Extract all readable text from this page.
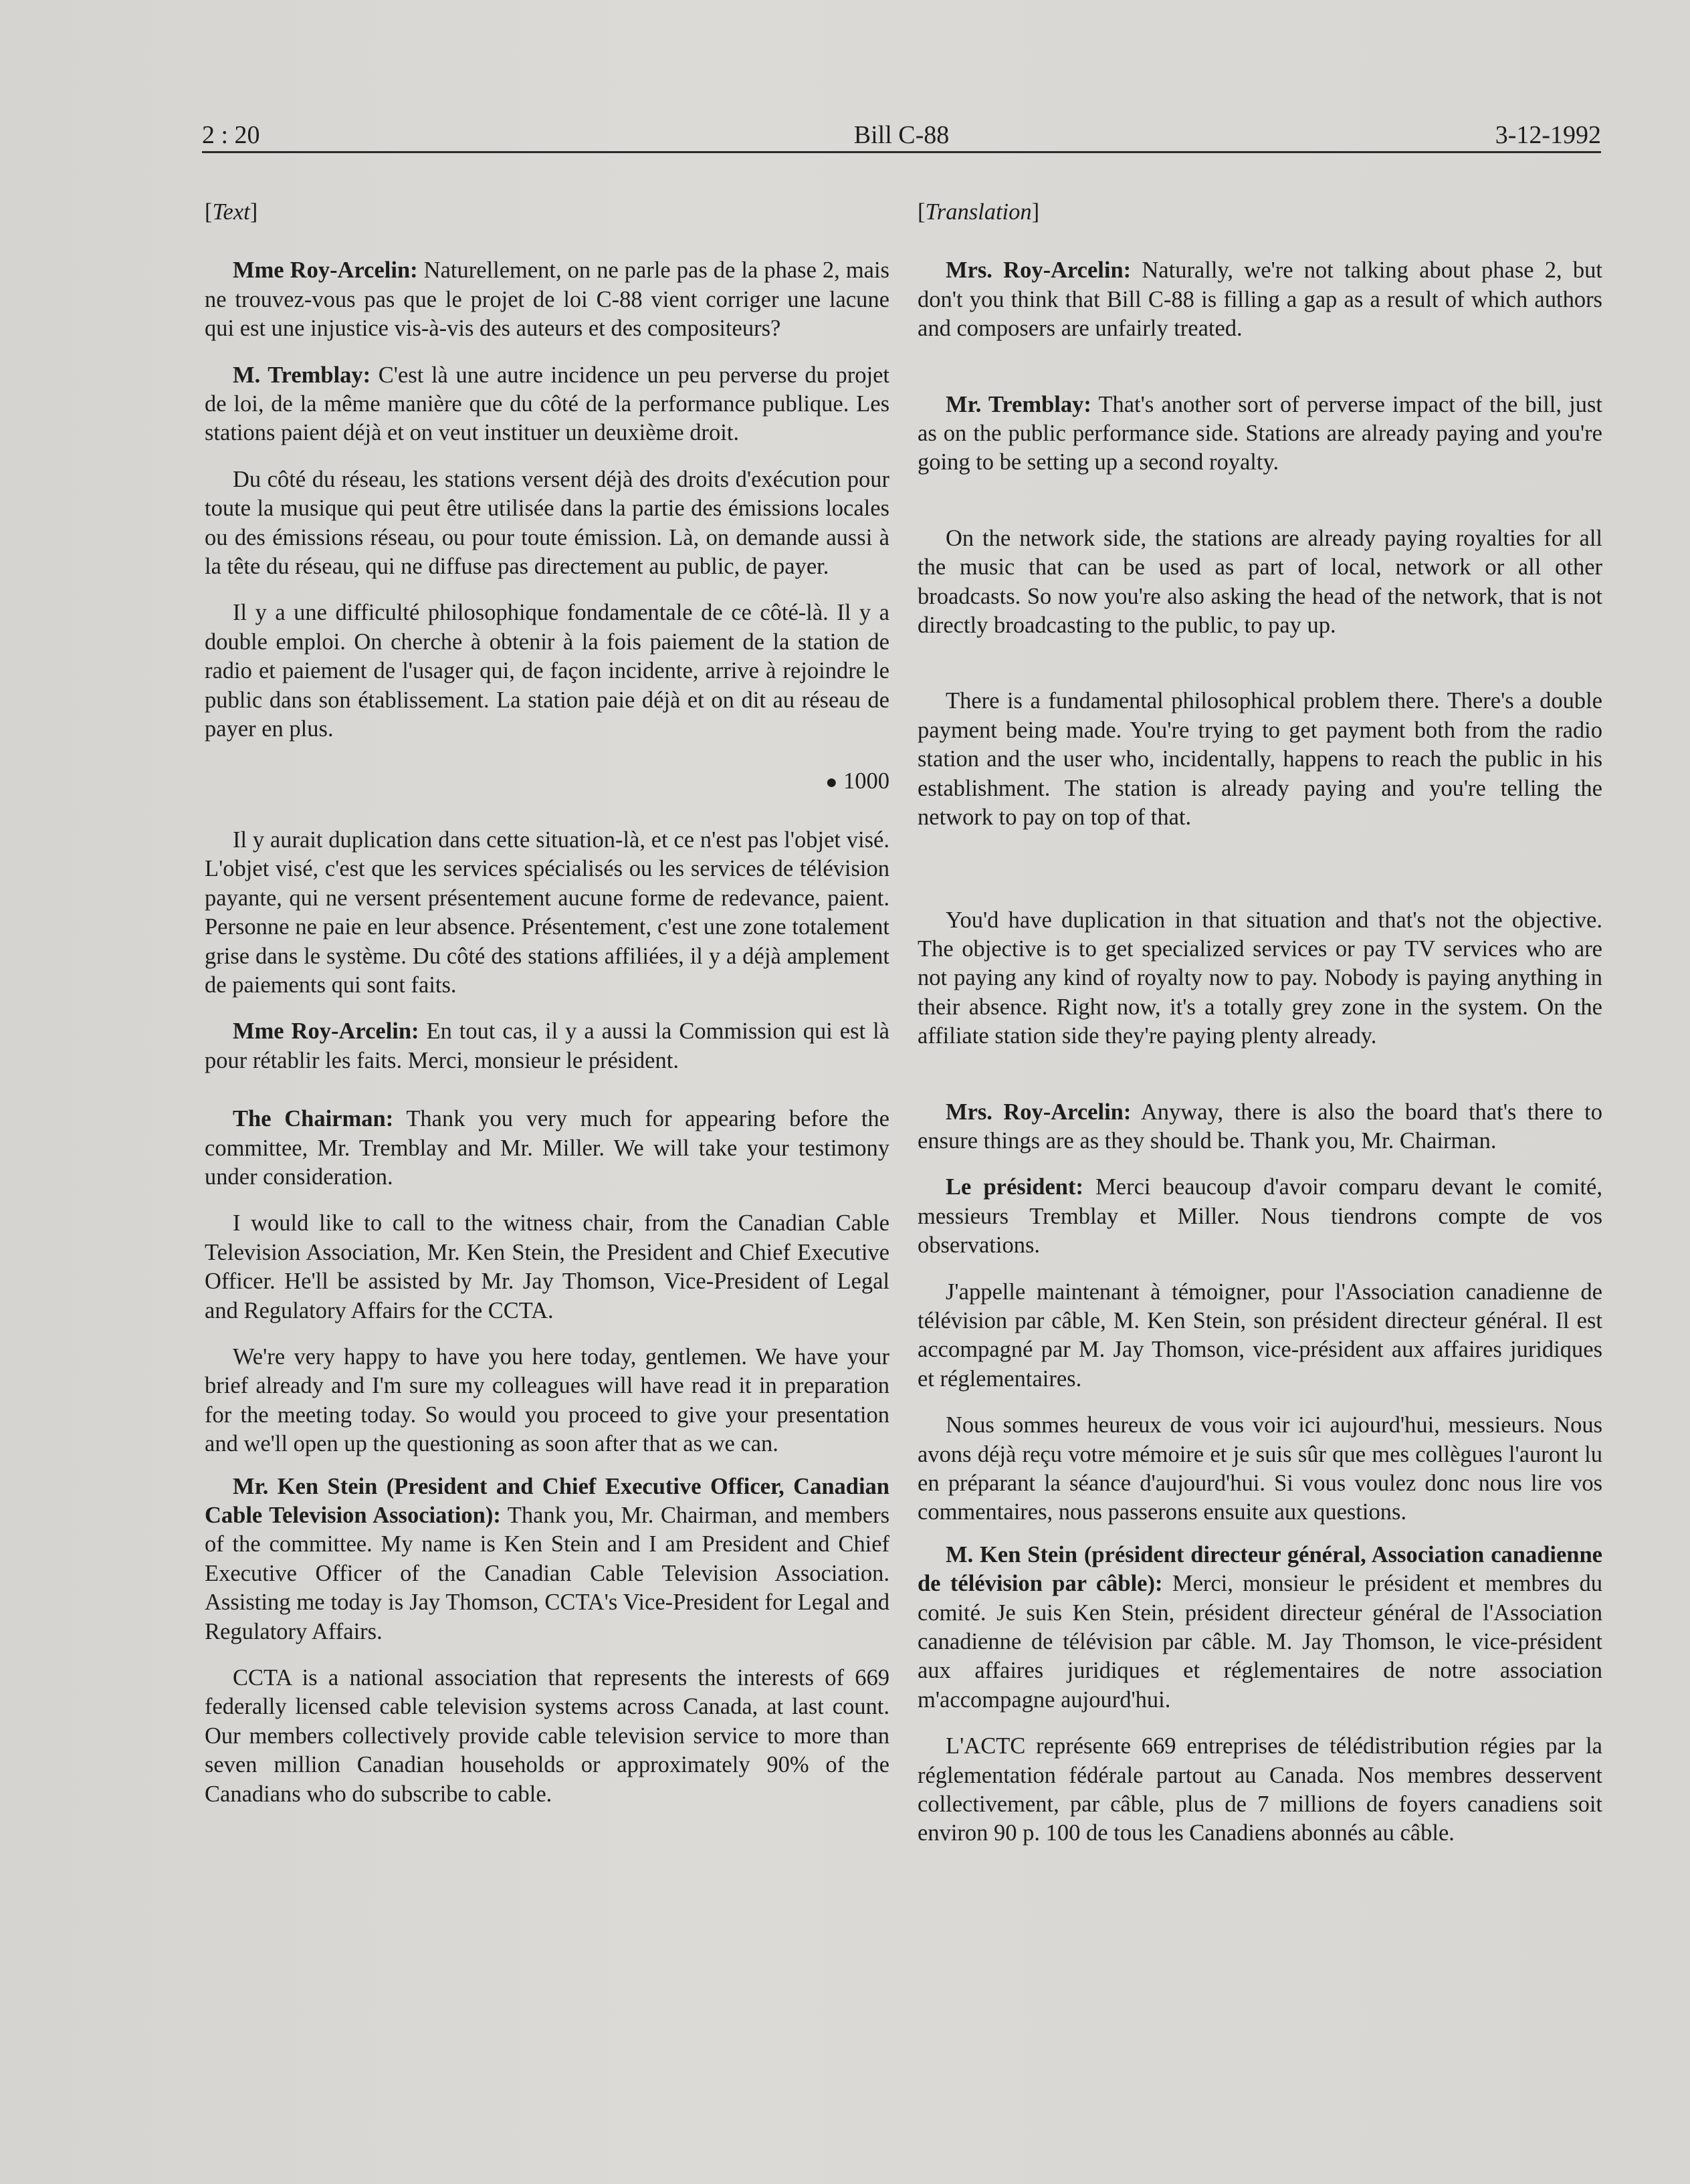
2 : 20	Bill C-88	3-12-1992

[Text]

Mme Roy-Arcelin: Naturellement, on ne parle pas de la phase 2, mais ne trouvez-vous pas que le projet de loi C-88 vient corriger une lacune qui est une injustice vis-à-vis des auteurs et des compositeurs?

M. Tremblay: C'est là une autre incidence un peu perverse du projet de loi, de la même manière que du côté de la performance publique. Les stations paient déjà et on veut instituer un deuxième droit.

Du côté du réseau, les stations versent déjà des droits d'exécution pour toute la musique qui peut être utilisée dans la partie des émissions locales ou des émissions réseau, ou pour toute émission. Là, on demande aussi à la tête du réseau, qui ne diffuse pas directement au public, de payer.

Il y a une difficulté philosophique fondamentale de ce côté-là. Il y a double emploi. On cherche à obtenir à la fois paiement de la station de radio et paiement de l'usager qui, de façon incidente, arrive à rejoindre le public dans son établissement. La station paie déjà et on dit au réseau de payer en plus.

● 1000

Il y aurait duplication dans cette situation-là, et ce n'est pas l'objet visé. L'objet visé, c'est que les services spécialisés ou les services de télévision payante, qui ne versent présentement aucune forme de redevance, paient. Personne ne paie en leur absence. Présentement, c'est une zone totalement grise dans le système. Du côté des stations affiliées, il y a déjà amplement de paiements qui sont faits.

Mme Roy-Arcelin: En tout cas, il y a aussi la Commission qui est là pour rétablir les faits. Merci, monsieur le président.

The Chairman: Thank you very much for appearing before the committee, Mr. Tremblay and Mr. Miller. We will take your testimony under consideration.

I would like to call to the witness chair, from the Canadian Cable Television Association, Mr. Ken Stein, the President and Chief Executive Officer. He'll be assisted by Mr. Jay Thomson, Vice-President of Legal and Regulatory Affairs for the CCTA.

We're very happy to have you here today, gentlemen. We have your brief already and I'm sure my colleagues will have read it in preparation for the meeting today. So would you proceed to give your presentation and we'll open up the questioning as soon after that as we can.

Mr. Ken Stein (President and Chief Executive Officer, Canadian Cable Television Association): Thank you, Mr. Chairman, and members of the committee. My name is Ken Stein and I am President and Chief Executive Officer of the Canadian Cable Television Association. Assisting me today is Jay Thomson, CCTA's Vice-President for Legal and Regulatory Affairs.

CCTA is a national association that represents the interests of 669 federally licensed cable television systems across Canada, at last count. Our members collectively provide cable television service to more than seven million Canadian households or approximately 90% of the Canadians who do subscribe to cable.

[Translation]

Mrs. Roy-Arcelin: Naturally, we're not talking about phase 2, but don't you think that Bill C-88 is filling a gap as a result of which authors and composers are unfairly treated.

Mr. Tremblay: That's another sort of perverse impact of the bill, just as on the public performance side. Stations are already paying and you're going to be setting up a second royalty.

On the network side, the stations are already paying royalties for all the music that can be used as part of local, network or all other broadcasts. So now you're also asking the head of the network, that is not directly broadcasting to the public, to pay up.

There is a fundamental philosophical problem there. There's a double payment being made. You're trying to get payment both from the radio station and the user who, incidentally, happens to reach the public in his establishment. The station is already paying and you're telling the network to pay on top of that.

You'd have duplication in that situation and that's not the objective. The objective is to get specialized services or pay TV services who are not paying any kind of royalty now to pay. Nobody is paying anything in their absence. Right now, it's a totally grey zone in the system. On the affiliate station side they're paying plenty already.

Mrs. Roy-Arcelin: Anyway, there is also the board that's there to ensure things are as they should be. Thank you, Mr. Chairman.

Le président: Merci beaucoup d'avoir comparu devant le comité, messieurs Tremblay et Miller. Nous tiendrons compte de vos observations.

J'appelle maintenant à témoigner, pour l'Association canadienne de télévision par câble, M. Ken Stein, son président directeur général. Il est accompagné par M. Jay Thomson, vice-président aux affaires juridiques et réglementaires.

Nous sommes heureux de vous voir ici aujourd'hui, messieurs. Nous avons déjà reçu votre mémoire et je suis sûr que mes collègues l'auront lu en préparant la séance d'aujourd'hui. Si vous voulez donc nous lire vos commentaires, nous passerons ensuite aux questions.

M. Ken Stein (président directeur général, Association canadienne de télévision par câble): Merci, monsieur le président et membres du comité. Je suis Ken Stein, président directeur général de l'Association canadienne de télévision par câble. M. Jay Thomson, le vice-président aux affaires juridiques et réglementaires de notre association m'accompagne aujourd'hui.

L'ACTC représente 669 entreprises de télédistribution régies par la réglementation fédérale partout au Canada. Nos membres desservent collectivement, par câble, plus de 7 millions de foyers canadiens soit environ 90 p. 100 de tous les Canadiens abonnés au câble.
